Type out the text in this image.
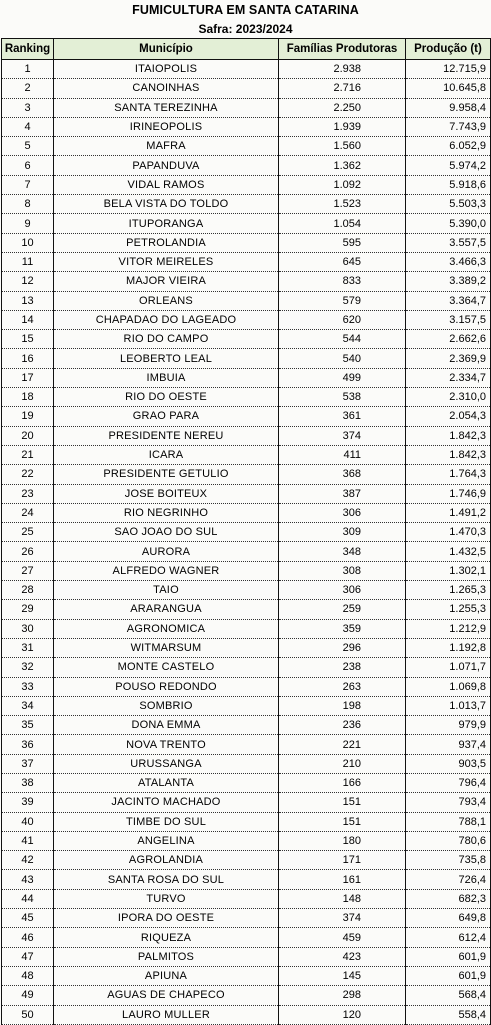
FUMICULTURA EM SANTA CATARINA
Safra: 2023/2024
Ranking	Município	Famílias Produtoras	Produção (t)
1	ITAIOPOLIS	2.938	12.715,9
2	CANOINHAS	2.716	10.645,8
3	SANTA TEREZINHA	2.250	9.958,4
4	IRINEOPOLIS	1.939	7.743,9
5	MAFRA	1.560	6.052,9
6	PAPANDUVA	1.362	5.974,2
7	VIDAL RAMOS	1.092	5.918,6
8	BELA VISTA DO TOLDO	1.523	5.503,3
9	ITUPORANGA	1.054	5.390,0
10	PETROLANDIA	595	3.557,5
11	VITOR MEIRELES	645	3.466,3
12	MAJOR VIEIRA	833	3.389,2
13	ORLEANS	579	3.364,7
14	CHAPADAO DO LAGEADO	620	3.157,5
15	RIO DO CAMPO	544	2.662,6
16	LEOBERTO LEAL	540	2.369,9
17	IMBUIA	499	2.334,7
18	RIO DO OESTE	538	2.310,0
19	GRAO PARA	361	2.054,3
20	PRESIDENTE NEREU	374	1.842,3
21	ICARA	411	1.842,3
22	PRESIDENTE GETULIO	368	1.764,3
23	JOSE BOITEUX	387	1.746,9
24	RIO NEGRINHO	306	1.491,2
25	SAO JOAO DO SUL	309	1.470,3
26	AURORA	348	1.432,5
27	ALFREDO WAGNER	308	1.302,1
28	TAIO	306	1.265,3
29	ARARANGUA	259	1.255,3
30	AGRONOMICA	359	1.212,9
31	WITMARSUM	296	1.192,8
32	MONTE CASTELO	238	1.071,7
33	POUSO REDONDO	263	1.069,8
34	SOMBRIO	198	1.013,7
35	DONA EMMA	236	979,9
36	NOVA TRENTO	221	937,4
37	URUSSANGA	210	903,5
38	ATALANTA	166	796,4
39	JACINTO MACHADO	151	793,4
40	TIMBE DO SUL	151	788,1
41	ANGELINA	180	780,6
42	AGROLANDIA	171	735,8
43	SANTA ROSA DO SUL	161	726,4
44	TURVO	148	682,3
45	IPORA DO OESTE	374	649,8
46	RIQUEZA	459	612,4
47	PALMITOS	423	601,9
48	APIUNA	145	601,9
49	AGUAS DE CHAPECO	298	568,4
50	LAURO MULLER	120	558,4
